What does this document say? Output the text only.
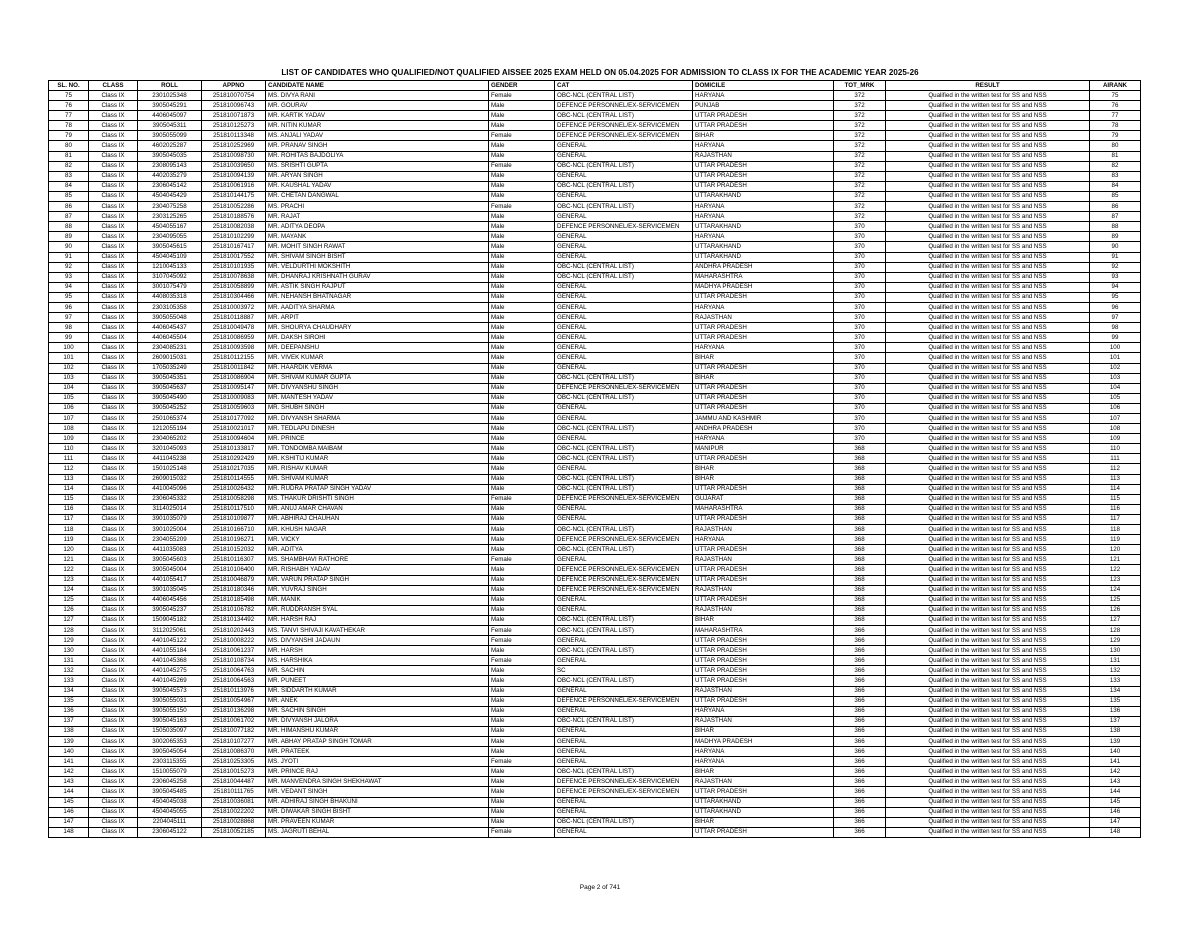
LIST OF CANDIDATES WHO QUALIFIED/NOT QUALIFIED AISSEE 2025 EXAM HELD ON 05.04.2025 FOR ADMISSION TO CLASS IX FOR THE ACADEMIC YEAR 2025-26
SL. NO.	CLASS	ROLL	APPNO	CANDIDATE NAME	GENDER	CAT	DOMICILE	TOT_MRK	RESULT	AIRANK
75	Class IX	2301025348	251810070754	MS. DIVYA RANI	Female	OBC-NCL (CENTRAL LIST)	HARYANA	372	Qualified in the written test for SS and NSS	75
76	Class IX	3905045291	251810096743	MR. GOURAV	Male	DEFENCE PERSONNEL/EX-SERVICEMEN	PUNJAB	372	Qualified in the written test for SS and NSS	76
77	Class IX	4406045097	251810071873	MR. KARTIK YADAV	Male	OBC-NCL (CENTRAL LIST)	UTTAR PRADESH	372	Qualified in the written test for SS and NSS	77
78	Class IX	3905045311	251810125273	MR. NITIN KUMAR	Male	DEFENCE PERSONNEL/EX-SERVICEMEN	UTTAR PRADESH	372	Qualified in the written test for SS and NSS	78
79	Class IX	3905055099	251810113348	MS. ANJALI YADAV	Female	DEFENCE PERSONNEL/EX-SERVICEMEN	BIHAR	372	Qualified in the written test for SS and NSS	79
80	Class IX	4602025287	251810252969	MR. PRANAV SINGH	Male	GENERAL	HARYANA	372	Qualified in the written test for SS and NSS	80
81	Class IX	3905045035	251810098730	MR. ROHITAS BAJDOLIYA	Male	GENERAL	RAJASTHAN	372	Qualified in the written test for SS and NSS	81
82	Class IX	2308095143	251810039650	MS. SRISHTI GUPTA	Female	OBC-NCL (CENTRAL LIST)	UTTAR PRADESH	372	Qualified in the written test for SS and NSS	82
83	Class IX	4402035279	251810094139	MR. ARYAN SINGH	Male	GENERAL	UTTAR PRADESH	372	Qualified in the written test for SS and NSS	83
84	Class IX	2306045142	251810061916	MR. KAUSHAL YADAV	Male	OBC-NCL (CENTRAL LIST)	UTTAR PRADESH	372	Qualified in the written test for SS and NSS	84
85	Class IX	4504045429	251810144175	MR. CHETAN DANGWAL	Male	GENERAL	UTTARAKHAND	372	Qualified in the written test for SS and NSS	85
86	Class IX	2304075258	251810052286	MS. PRACHI	Female	OBC-NCL (CENTRAL LIST)	HARYANA	372	Qualified in the written test for SS and NSS	86
87	Class IX	2303125265	251810188576	MR. RAJAT	Male	GENERAL	HARYANA	372	Qualified in the written test for SS and NSS	87
88	Class IX	4504055167	251810082038	MR. ADITYA DEOPA	Male	DEFENCE PERSONNEL/EX-SERVICEMEN	UTTARAKHAND	370	Qualified in the written test for SS and NSS	88
89	Class IX	2304095055	251810102299	MR. MAYANK	Male	GENERAL	HARYANA	370	Qualified in the written test for SS and NSS	89
90	Class IX	3905045615	251810167417	MR. MOHIT SINGH RAWAT	Male	GENERAL	UTTARAKHAND	370	Qualified in the written test for SS and NSS	90
91	Class IX	4504045109	251810017552	MR. SHIVAM SINGH BISHT	Male	GENERAL	UTTARAKHAND	370	Qualified in the written test for SS and NSS	91
92	Class IX	1210045133	251810101935	MR. VELDURTHI MOKSHITH	Male	OBC-NCL (CENTRAL LIST)	ANDHRA PRADESH	370	Qualified in the written test for SS and NSS	92
93	Class IX	3107045092	251810078638	MR. DHANRAJ KRISHNATH GURAV	Male	OBC-NCL (CENTRAL LIST)	MAHARASHTRA	370	Qualified in the written test for SS and NSS	93
94	Class IX	3001075479	251810058899	MR. ASTIK SINGH RAJPUT	Male	GENERAL	MADHYA PRADESH	370	Qualified in the written test for SS and NSS	94
95	Class IX	4408035318	251810304466	MR. NEHANSH BHATNAGAR	Male	GENERAL	UTTAR PRADESH	370	Qualified in the written test for SS and NSS	95
96	Class IX	2303105358	251810003972	MR. AADITYA SHARMA	Male	GENERAL	HARYANA	370	Qualified in the written test for SS and NSS	96
97	Class IX	3905055048	251810118887	MR. ARPIT	Male	GENERAL	RAJASTHAN	370	Qualified in the written test for SS and NSS	97
98	Class IX	4406045437	251810049478	MR. SHOURYA CHAUDHARY	Male	GENERAL	UTTAR PRADESH	370	Qualified in the written test for SS and NSS	98
99	Class IX	4406045504	251810086959	MR. DAKSH SIROHI	Male	GENERAL	UTTAR PRADESH	370	Qualified in the written test for SS and NSS	99
100	Class IX	2304085231	251810093598	MR. DEEPANSHU	Male	GENERAL	HARYANA	370	Qualified in the written test for SS and NSS	100
101	Class IX	2609015031	251810112155	MR. VIVEK KUMAR	Male	GENERAL	BIHAR	370	Qualified in the written test for SS and NSS	101
102	Class IX	1705035249	251810011842	MR. HAARDIK VERMA	Male	GENERAL	UTTAR PRADESH	370	Qualified in the written test for SS and NSS	102
103	Class IX	3905045351	251810086904	MR. SHIVAM KUMAR GUPTA	Male	OBC-NCL (CENTRAL LIST)	BIHAR	370	Qualified in the written test for SS and NSS	103
104	Class IX	3905045637	251810095147	MR. DIVYANSHU SINGH	Male	DEFENCE PERSONNEL/EX-SERVICEMEN	UTTAR PRADESH	370	Qualified in the written test for SS and NSS	104
105	Class IX	3905045490	251810009083	MR. MANTESH YADAV	Male	OBC-NCL (CENTRAL LIST)	UTTAR PRADESH	370	Qualified in the written test for SS and NSS	105
106	Class IX	3905045252	251810059603	MR. SHUBH SINGH	Male	GENERAL	UTTAR PRADESH	370	Qualified in the written test for SS and NSS	106
107	Class IX	2501065374	251810177092	MR. DIVYANSH SHARMA	Male	GENERAL	JAMMU AND KASHMIR	370	Qualified in the written test for SS and NSS	107
108	Class IX	1212055194	251810021017	MR. TEDLAPU DINESH	Male	OBC-NCL (CENTRAL LIST)	ANDHRA PRADESH	370	Qualified in the written test for SS and NSS	108
109	Class IX	2304065202	251810094604	MR. PRINCE	Male	GENERAL	HARYANA	370	Qualified in the written test for SS and NSS	109
110	Class IX	3201045093	251810133817	MR. TONDOMBA MAIBAM	Male	OBC-NCL (CENTRAL LIST)	MANIPUR	368	Qualified in the written test for SS and NSS	110
111	Class IX	4411045238	251810292429	MR. KSHITIJ KUMAR	Male	OBC-NCL (CENTRAL LIST)	UTTAR PRADESH	368	Qualified in the written test for SS and NSS	111
112	Class IX	1501025148	251810217035	MR. RISHAV KUMAR	Male	GENERAL	BIHAR	368	Qualified in the written test for SS and NSS	112
113	Class IX	2609015032	251810114555	MR. SHIVAM KUMAR	Male	OBC-NCL (CENTRAL LIST)	BIHAR	368	Qualified in the written test for SS and NSS	113
114	Class IX	4410045096	251810026432	MR. RUDRA PRATAP SINGH YADAV	Male	OBC-NCL (CENTRAL LIST)	UTTAR PRADESH	368	Qualified in the written test for SS and NSS	114
115	Class IX	2306045332	251810058298	MS. THAKUR DRISHTI SINGH	Female	DEFENCE PERSONNEL/EX-SERVICEMEN	GUJARAT	368	Qualified in the written test for SS and NSS	115
116	Class IX	3114025014	251810117510	MR. ANUJ AMAR CHAVAN	Male	GENERAL	MAHARASHTRA	368	Qualified in the written test for SS and NSS	116
117	Class IX	3901035079	251810109877	MR. ABHIRAJ CHAUHAN	Male	GENERAL	UTTAR PRADESH	368	Qualified in the written test for SS and NSS	117
118	Class IX	3901025004	251810166710	MR. KHUSH NAGAR	Male	OBC-NCL (CENTRAL LIST)	RAJASTHAN	368	Qualified in the written test for SS and NSS	118
119	Class IX	2304055209	251810196271	MR. VICKY	Male	DEFENCE PERSONNEL/EX-SERVICEMEN	HARYANA	368	Qualified in the written test for SS and NSS	119
120	Class IX	4411035083	251810152032	MR. ADITYA	Male	OBC-NCL (CENTRAL LIST)	UTTAR PRADESH	368	Qualified in the written test for SS and NSS	120
121	Class IX	3905045603	251810116307	MS. SHAMBHAVI RATHORE	Female	GENERAL	RAJASTHAN	368	Qualified in the written test for SS and NSS	121
122	Class IX	3905045004	251810106400	MR. RISHABH YADAV	Male	DEFENCE PERSONNEL/EX-SERVICEMEN	UTTAR PRADESH	368	Qualified in the written test for SS and NSS	122
123	Class IX	4401055417	251810046879	MR. VARUN PRATAP SINGH	Male	DEFENCE PERSONNEL/EX-SERVICEMEN	UTTAR PRADESH	368	Qualified in the written test for SS and NSS	123
124	Class IX	3901035045	251810180346	MR. YUVRAJ SINGH	Male	DEFENCE PERSONNEL/EX-SERVICEMEN	RAJASTHAN	368	Qualified in the written test for SS and NSS	124
125	Class IX	4406045456	251810185498	MR. MANIK	Male	GENERAL	UTTAR PRADESH	368	Qualified in the written test for SS and NSS	125
126	Class IX	3905045237	251810106782	MR. RUDDRANSH SYAL	Male	GENERAL	RAJASTHAN	368	Qualified in the written test for SS and NSS	126
127	Class IX	1509045182	251810134492	MR. HARSH RAJ	Male	OBC-NCL (CENTRAL LIST)	BIHAR	368	Qualified in the written test for SS and NSS	127
128	Class IX	3112025061	251810202443	MS. TANVI SHIVAJI KAVATHEKAR	Female	OBC-NCL (CENTRAL LIST)	MAHARASHTRA	366	Qualified in the written test for SS and NSS	128
129	Class IX	4401045122	251810008222	MS. DIVYANSHI JADAUN	Female	GENERAL	UTTAR PRADESH	366	Qualified in the written test for SS and NSS	129
130	Class IX	4401055184	251810061237	MR. HARSH	Male	OBC-NCL (CENTRAL LIST)	UTTAR PRADESH	366	Qualified in the written test for SS and NSS	130
131	Class IX	4401045368	251810108734	MS. HARSHIKA	Female	GENERAL	UTTAR PRADESH	366	Qualified in the written test for SS and NSS	131
132	Class IX	4401045275	251810064763	MR. SACHIN	Male	SC	UTTAR PRADESH	366	Qualified in the written test for SS and NSS	132
133	Class IX	4401045269	251810064563	MR. PUNEET	Male	OBC-NCL (CENTRAL LIST)	UTTAR PRADESH	366	Qualified in the written test for SS and NSS	133
134	Class IX	3905045573	251810113976	MR. SIDDARTH KUMAR	Male	GENERAL	RAJASTHAN	366	Qualified in the written test for SS and NSS	134
135	Class IX	3905055031	251810054967	MR. ANEK	Male	DEFENCE PERSONNEL/EX-SERVICEMEN	UTTAR PRADESH	366	Qualified in the written test for SS and NSS	135
136	Class IX	3905055150	251810136298	MR. SACHIN SINGH	Male	GENERAL	HARYANA	366	Qualified in the written test for SS and NSS	136
137	Class IX	3905045163	251810061702	MR. DIVYANSH JALORA	Male	OBC-NCL (CENTRAL LIST)	RAJASTHAN	366	Qualified in the written test for SS and NSS	137
138	Class IX	1505035097	251810077182	MR. HIMANSHU KUMAR	Male	GENERAL	BIHAR	366	Qualified in the written test for SS and NSS	138
139	Class IX	3002065353	251810107277	MR. ABHAY PRATAP SINGH TOMAR	Male	GENERAL	MADHYA PRADESH	366	Qualified in the written test for SS and NSS	139
140	Class IX	3905045054	251810086370	MR. PRATEEK	Male	GENERAL	HARYANA	366	Qualified in the written test for SS and NSS	140
141	Class IX	2303115355	251810253305	MS. JYOTI	Female	GENERAL	HARYANA	366	Qualified in the written test for SS and NSS	141
142	Class IX	1510055079	251810015273	MR. PRINCE RAJ	Male	OBC-NCL (CENTRAL LIST)	BIHAR	366	Qualified in the written test for SS and NSS	142
143	Class IX	2306045258	251810044487	MR. MANVENDRA SINGH SHEKHAWAT	Male	DEFENCE PERSONNEL/EX-SERVICEMEN	RAJASTHAN	366	Qualified in the written test for SS and NSS	143
144	Class IX	3905045485	251810111765	MR. VEDANT SINGH	Male	DEFENCE PERSONNEL/EX-SERVICEMEN	UTTAR PRADESH	366	Qualified in the written test for SS and NSS	144
145	Class IX	4504045038	251810036081	MR. ADHIRAJ SINGH BHAKUNI	Male	GENERAL	UTTARAKHAND	366	Qualified in the written test for SS and NSS	145
146	Class IX	4504045055	251810022202	MR. DIWAKAR SINGH BISHT	Male	GENERAL	UTTARAKHAND	366	Qualified in the written test for SS and NSS	146
147	Class IX	2204045111	251810028868	MR. PRAVEEN KUMAR	Male	OBC-NCL (CENTRAL LIST)	BIHAR	366	Qualified in the written test for SS and NSS	147
148	Class IX	2306045122	251810052185	MS. JAGRUTI BEHAL	Female	GENERAL	UTTAR PRADESH	366	Qualified in the written test for SS and NSS	148
Page 2 of 741
